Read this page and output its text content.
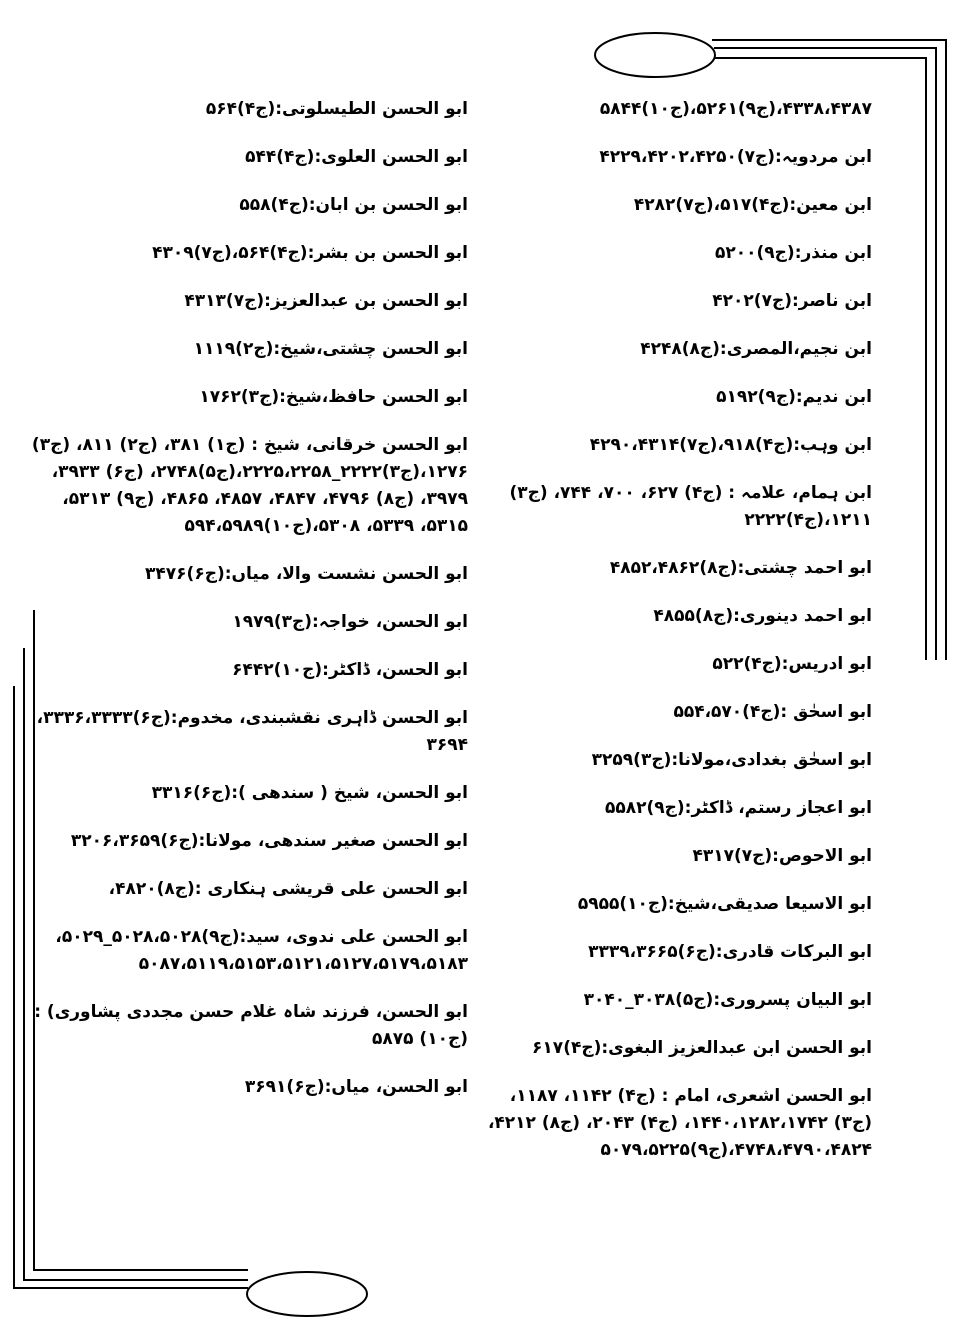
۴۳۳۸،۴۳۸۷،(ج۹)۵۲۶۱،(ج۱۰)۵۸۴۴

ابن مردویہ:(ج۷)۴۲۲۹،۴۲۰۲،۴۲۵۰

ابن معین:(ج۴)۵۱۷،(ج۷)۴۲۸۲

ابن منذر:(ج۹)۵۲۰۰

ابن ناصر:(ج۷)۴۲۰۲

ابن نجیم،المصری:(ج۸)۴۲۴۸

ابن ندیم:(ج۹)۵۱۹۲

ابن وہب:(ج۴)۹۱۸،(ج۷)۴۲۹۰،۴۳۱۴

ابن ہمام، علامہ : (ج۴) ۶۲۷، ۷۰۰، ۷۴۴، (ج۳) ۱۲۱۱،(ج۴)۲۲۲۲

ابو احمد چشتی:(ج۸)۴۸۵۲،۴۸۶۲

ابو احمد دینوری:(ج۸)۴۸۵۵

ابو ادریس:(ج۴)۵۲۲

ابو اسحٰق :(ج۴)۵۵۴،۵۷۰

ابو اسحٰق بغدادی،مولانا:(ج۳)۳۲۵۹

ابو اعجاز رستم، ڈاکٹر:(ج۹)۵۵۸۲

ابو الاحوص:(ج۷)۴۳۱۷

ابو الاسیعا صدیقی،شیخ:(ج۱۰)۵۹۵۵

ابو البرکات قادری:(ج۶)۳۳۳۹،۳۶۶۵

ابو البیان پسروری:(ج۵)۳۰۳۸_۳۰۴۰

ابو الحسن ابن عبدالعزیز البغوی:(ج۴)۶۱۷

ابو الحسن اشعری، امام : (ج۴) ۱۱۴۲، ۱۱۸۷، (ج۳) ۱۴۴۰،۱۲۸۲،۱۷۴۲، (ج۴) ۲۰۴۳، (ج۸) ۴۲۱۲، ۴۷۴۸،۴۷۹۰،۴۸۲۴،(ج۹)۵۰۷۹،۵۲۲۵

ابو الحسن الطیسلوتی:(ج۴)۵۶۴

ابو الحسن العلوی:(ج۴)۵۴۴

ابو الحسن بن ابان:(ج۴)۵۵۸

ابو الحسن بن بشر:(ج۴)۵۶۴،(ج۷)۴۳۰۹

ابو الحسن بن عبدالعزیز:(ج۷)۴۳۱۳

ابو الحسن چشتی،شیخ:(ج۲)۱۱۱۹

ابو الحسن حافظ،شیخ:(ج۳)۱۷۶۲

ابو الحسن خرقانی، شیخ : (ج۱) ۳۸۱، (ج۲) ۸۱۱، (ج۳) ۱۲۷۶،(ج۳)۲۲۲۲_۲۲۲۵،۲۲۵۸،(ج۵)۲۷۴۸، (ج۶) ۳۹۳۳، ۳۹۷۹، (ج۸) ۴۷۹۶، ۴۸۴۷، ۴۸۵۷، ۴۸۶۵، (ج۹) ۵۳۱۳، ۵۳۱۵، ۵۳۳۹، ۵۳۰۸،(ج۱۰)۵۹۴،۵۹۸۹

ابو الحسن نشست والا، میاں:(ج۶)۳۴۷۶

ابو الحسن، خواجہ:(ج۳)۱۹۷۹

ابو الحسن، ڈاکٹر:(ج۱۰)۶۴۴۲

ابو الحسن ڈاہری نقشبندی، مخدوم:(ج۶)۳۳۳۶،۳۳۳۳، ۳۶۹۴

ابو الحسن، شیخ ( سندھی ):(ج۶)۳۳۱۶

ابو الحسن صغیر سندھی، مولانا:(ج۶)۳۲۰۶،۳۶۵۹

ابو الحسن علی قریشی ہنکاری :(ج۸)۴۸۲۰،

ابو الحسن علی ندوی، سید:(ج۹)۵۰۲۸،۵۰۲۸_۵۰۲۹، ۵۰۸۷،۵۱۱۹،۵۱۵۳،۵۱۲۱،۵۱۲۷،۵۱۷۹،۵۱۸۳

ابو الحسن، فرزند شاہ غلام حسن مجددی پشاوری) : (ج۱۰) ۵۸۷۵

ابو الحسن، میاں:(ج۶)۳۶۹۱
